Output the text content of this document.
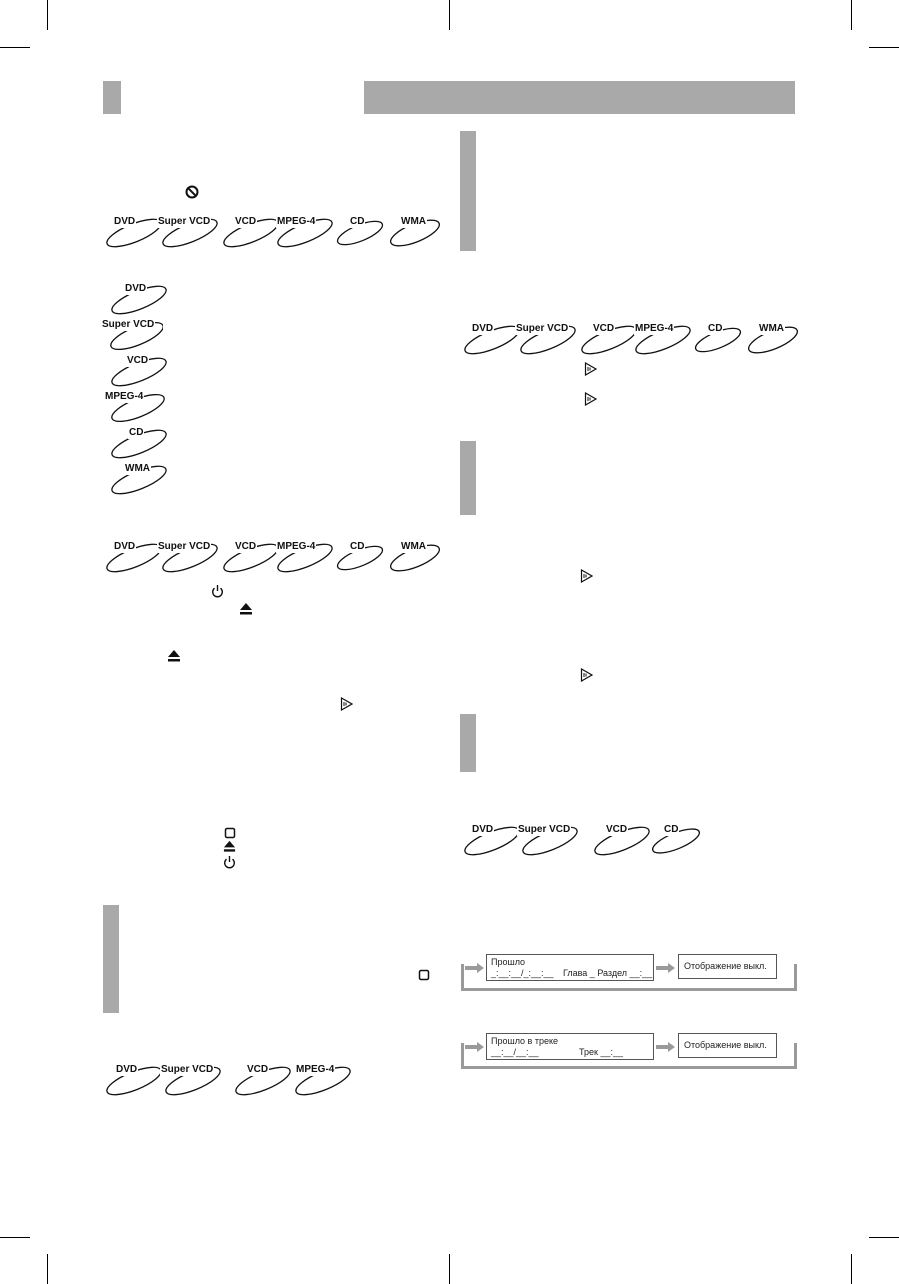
DVD Super VCD VCD MPEG-4	CD	WMA
DVD
Super VCD
VCD
MPEG-4
CD
WMA
DVD Super VCD VCD MPEG-4	CD	WMA
DVD Super VCD	VCD	MPEG-4
DVD Super VCD VCD MPEG-4	CD	WMA
DVD Super VCD	VCD	CD
Прошло
_:__:__/_:__:__ Глава _ Раздел __:__
Отображение выкл.
Прошло в треке
__:__/__:__	Трек __:__
Отображение выкл.
